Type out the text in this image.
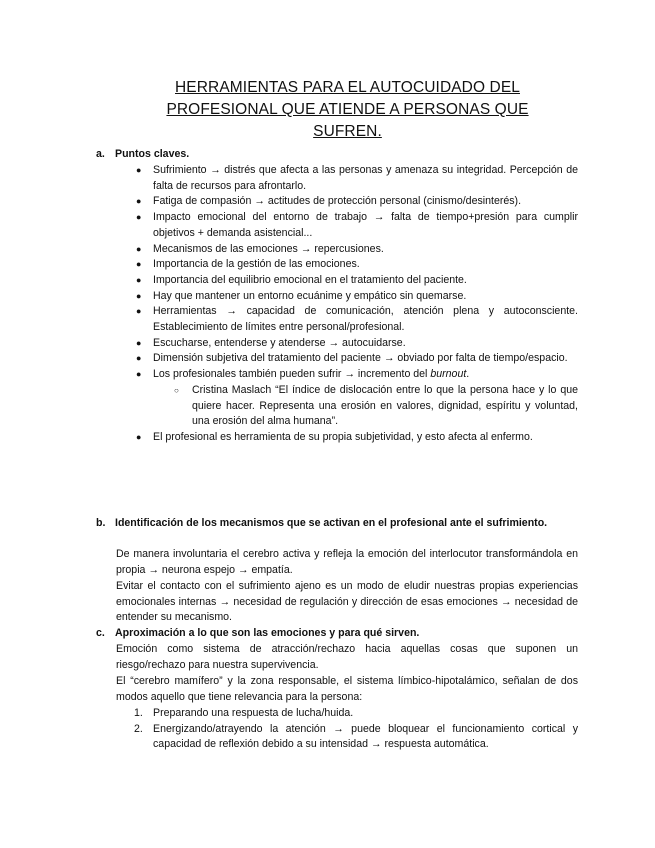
HERRAMIENTAS PARA EL AUTOCUIDADO DEL
PROFESIONAL QUE ATIENDE A PERSONAS QUE
SUFREN.
a. Puntos claves.
● Sufrimiento → distrés que afecta a las personas y amenaza su integridad. Percepción de falta de recursos para afrontarlo.
● Fatiga de compasión → actitudes de protección personal (cinismo/desinterés).
● Impacto emocional del entorno de trabajo → falta de tiempo+presión para cumplir objetivos + demanda asistencial...
● Mecanismos de las emociones → repercusiones.
● Importancia de la gestión de las emociones.
● Importancia del equilibrio emocional en el tratamiento del paciente.
● Hay que mantener un entorno ecuánime y empático sin quemarse.
● Herramientas → capacidad de comunicación, atención plena y autoconsciente. Establecimiento de límites entre personal/profesional.
● Escucharse, entenderse y atenderse → autocuidarse.
● Dimensión subjetiva del tratamiento del paciente → obviado por falta de tiempo/espacio.
● Los profesionales también pueden sufrir → incremento del burnout.
○ Cristina Maslach “El índice de dislocación entre lo que la persona hace y lo que quiere hacer. Representa una erosión en valores, dignidad, espíritu y voluntad, una erosión del alma humana”.
● El profesional es herramienta de su propia subjetividad, y esto afecta al enfermo.
b. Identificación de los mecanismos que se activan en el profesional ante el sufrimiento.
De manera involuntaria el cerebro activa y refleja la emoción del interlocutor transformándola en propia → neurona espejo → empatía.
Evitar el contacto con el sufrimiento ajeno es un modo de eludir nuestras propias experiencias emocionales internas → necesidad de regulación y dirección de esas emociones → necesidad de entender su mecanismo.
c. Aproximación a lo que son las emociones y para qué sirven.
Emoción como sistema de atracción/rechazo hacia aquellas cosas que suponen un riesgo/rechazo para nuestra supervivencia.
El “cerebro mamífero” y la zona responsable, el sistema límbico-hipotalámico, señalan de dos modos aquello que tiene relevancia para la persona:
1. Preparando una respuesta de lucha/huida.
2. Energizando/atrayendo la atención → puede bloquear el funcionamiento cortical y capacidad de reflexión debido a su intensidad → respuesta automática.
